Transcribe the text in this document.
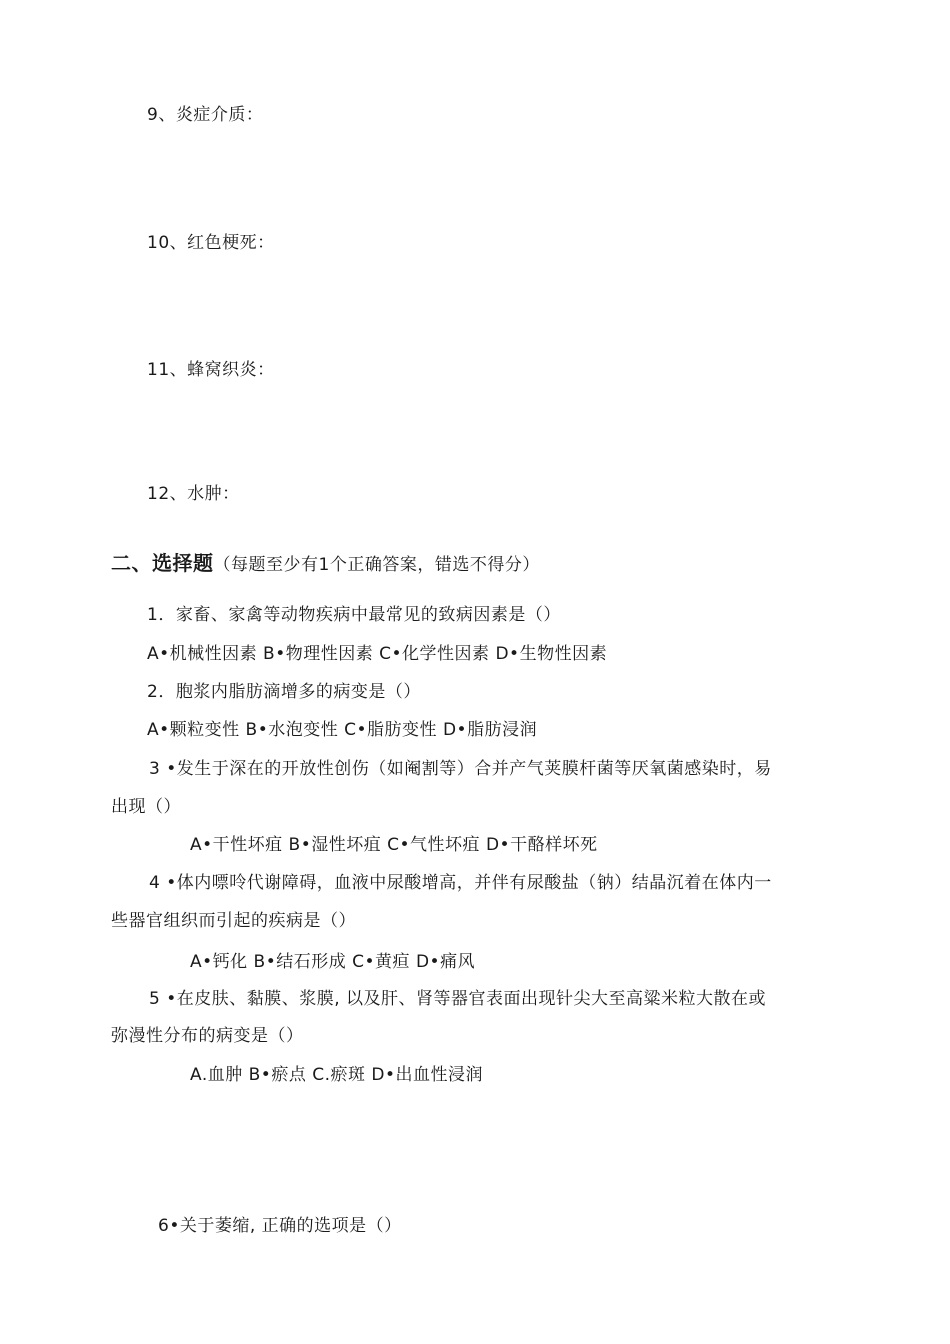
9、炎症介质：
10、红色梗死：
11、蜂窝织炎：
12、水肿：
二、选择题（每题至少有1个正确答案，错选不得分）
1．家畜、家禽等动物疾病中最常见的致病因素是（）
A•机械性因素 B•物理性因素 C•化学性因素 D•生物性因素
2．胞浆内脂肪滴增多的病变是（）
A•颗粒变性 B•水泡变性 C•脂肪变性 D•脂肪浸润
3 •发生于深在的开放性创伤（如阉割等）合并产气荚膜杆菌等厌氧菌感染时，易
出现（）
A•干性坏疽 B•湿性坏疽 C•气性坏疽 D•干酪样坏死
4 •体内嘌呤代谢障碍，血液中尿酸增高，并伴有尿酸盐（钠）结晶沉着在体内一
些器官组织而引起的疾病是（）
A•钙化 B•结石形成 C•黄疸 D•痛风
5 •在皮肤、黏膜、浆膜, 以及肝、肾等器官表面出现针尖大至高粱米粒大散在或
弥漫性分布的病变是（）
A.血肿 B•瘀点 C.瘀斑 D•出血性浸润
6•关于萎缩, 正确的选项是（）
